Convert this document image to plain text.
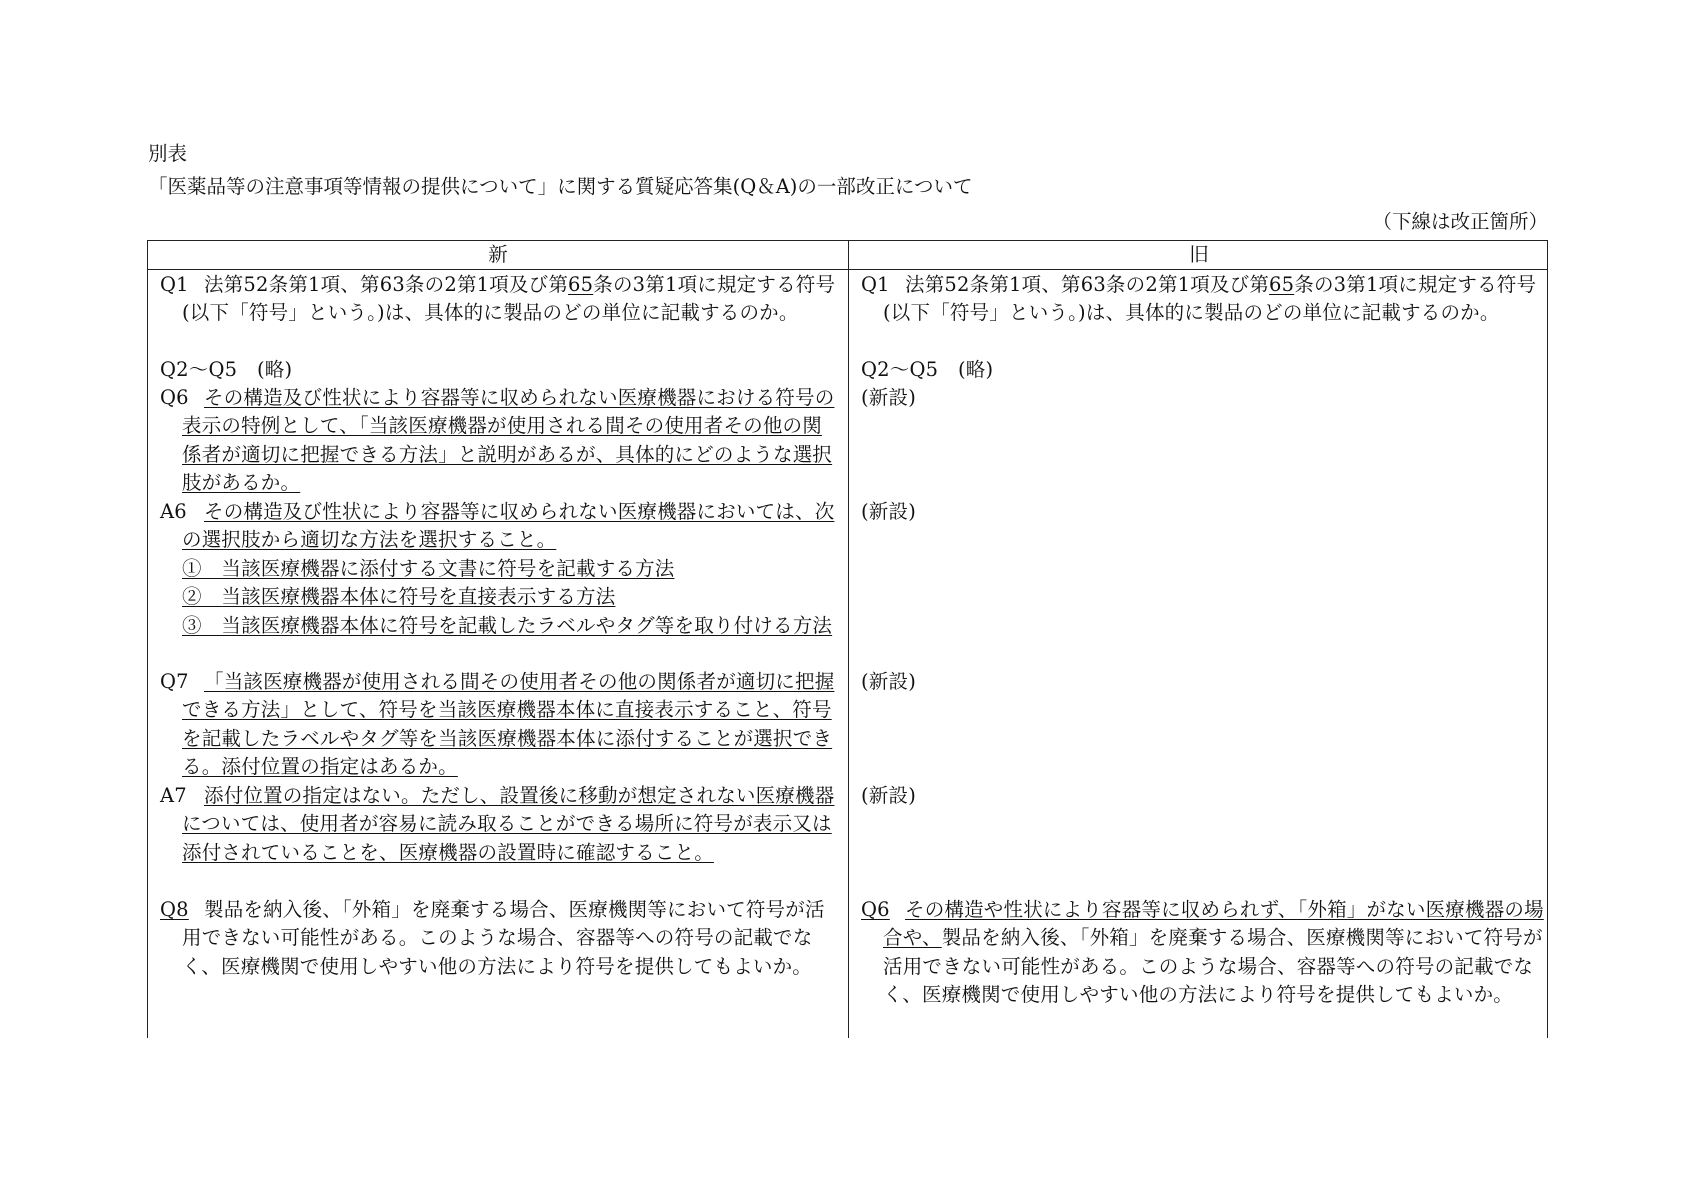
別表
「医薬品等の注意事項等情報の提供について」に関する質疑応答集(Q＆A)の一部改正について
（下線は改正箇所）
新	旧
Q1 法第52条第1項、第63条の2第1項及び第65条の3第1項に規定する符号(以下「符号」という。)は、具体的に製品のどの単位に記載するのか。
Q2～Q5　(略)
Q6 その構造及び性状により容器等に収められない医療機器における符号の表示の特例として、「当該医療機器が使用される間その使用者その他の関係者が適切に把握できる方法」と説明があるが、具体的にどのような選択肢があるか。
A6 その構造及び性状により容器等に収められない医療機器においては、次の選択肢から適切な方法を選択すること。
①　当該医療機器に添付する文書に符号を記載する方法
②　当該医療機器本体に符号を直接表示する方法
③　当該医療機器本体に符号を記載したラベルやタグ等を取り付ける方法
Q7 「当該医療機器が使用される間その使用者その他の関係者が適切に把握できる方法」として、符号を当該医療機器本体に直接表示すること、符号を記載したラベルやタグ等を当該医療機器本体に添付することが選択できる。添付位置の指定はあるか。
A7 添付位置の指定はない。ただし、設置後に移動が想定されない医療機器については、使用者が容易に読み取ることができる場所に符号が表示又は添付されていることを、医療機器の設置時に確認すること。
Q8 製品を納入後、「外箱」を廃棄する場合、医療機関等において符号が活用できない可能性がある。このような場合、容器等への符号の記載でなく、医療機関で使用しやすい他の方法により符号を提供してもよいか。
Q1 法第52条第1項、第63条の2第1項及び第65条の3第1項に規定する符号(以下「符号」という。)は、具体的に製品のどの単位に記載するのか。
Q2～Q5　(略)
(新設)
(新設)
(新設)
(新設)
Q6 その構造や性状により容器等に収められず、「外箱」がない医療機器の場合や、製品を納入後、「外箱」を廃棄する場合、医療機関等において符号が活用できない可能性がある。このような場合、容器等への符号の記載でなく、医療機関で使用しやすい他の方法により符号を提供してもよいか。
